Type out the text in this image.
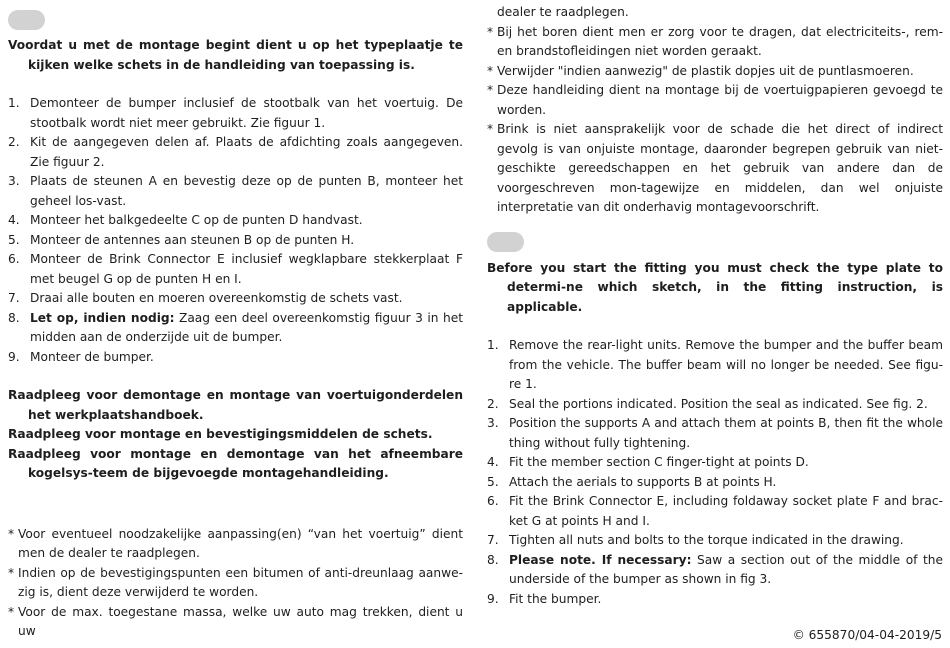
Voordat u met de montage begint dient u op het typeplaatje te kijken welke schets in de handleiding van toepassing is.

1. Demonteer de bumper inclusief de stootbalk van het voertuig. De stootbalk wordt niet meer gebruikt. Zie figuur 1.
2. Kit de aangegeven delen af. Plaats de afdichting zoals aangegeven. Zie figuur 2.
3. Plaats de steunen A en bevestig deze op de punten B, monteer het geheel los-vast.
4. Monteer het balkgedeelte C op de punten D handvast.
5. Monteer de antennes aan steunen B op de punten H.
6. Monteer de Brink Connector E inclusief wegklapbare stekkerplaat F met beugel G op de punten H en I.
7. Draai alle bouten en moeren overeenkomstig de schets vast.
8. Let op, indien nodig: Zaag een deel overeenkomstig figuur 3 in het midden aan de onderzijde uit de bumper.
9. Monteer de bumper.

Raadpleeg voor demontage en montage van voertuigonderdelen het werkplaatshandboek.

Raadpleeg voor montage en bevestigingsmiddelen de schets.

Raadpleeg voor montage en demontage van het afneembare kogelsys-teem de bijgevoegde montagehandleiding.

* Voor eventueel noodzakelijke aanpassing(en) “van het voertuig” dient men de dealer te raadplegen.
* Indien op de bevestigingspunten een bitumen of anti-dreunlaag aanwe-zig is, dient deze verwijderd te worden.
* Voor de max. toegestane massa, welke uw auto mag trekken, dient u uw

dealer te raadplegen.

* Bij het boren dient men er zorg voor te dragen, dat electriciteits-, rem- en brandstofleidingen niet worden geraakt.
* Verwijder "indien aanwezig" de plastik dopjes uit de puntlasmoeren.
* Deze handleiding dient na montage bij de voertuigpapieren gevoegd te worden.
* Brink is niet aansprakelijk voor de schade die het direct of indirect gevolg is van onjuiste montage, daaronder begrepen gebruik van niet-geschikte gereedschappen en het gebruik van andere dan de voorgeschreven mon-tagewijze en middelen, dan wel onjuiste interpretatie van dit onderhavig montagevoorschrift.

Before you start the fitting you must check the type plate to determi-ne which sketch, in the fitting instruction, is applicable.

1. Remove the rear-light units. Remove the bumper and the buffer beam from the vehicle. The buffer beam will no longer be needed. See figu-re 1.
2. Seal the portions indicated. Position the seal as indicated. See fig. 2.
3. Position the supports A and attach them at points B, then fit the whole thing without fully tightening.
4. Fit the member section C finger-tight at points D.
5. Attach the aerials to supports B at points H.
6. Fit the Brink Connector E, including foldaway socket plate F and brac-ket G at points H and I.
7. Tighten all nuts and bolts to the torque indicated in the drawing.
8. Please note. If necessary: Saw a section out of the middle of the underside of the bumper as shown in fig 3.
9. Fit the bumper.
© 655870/04-04-2019/5
